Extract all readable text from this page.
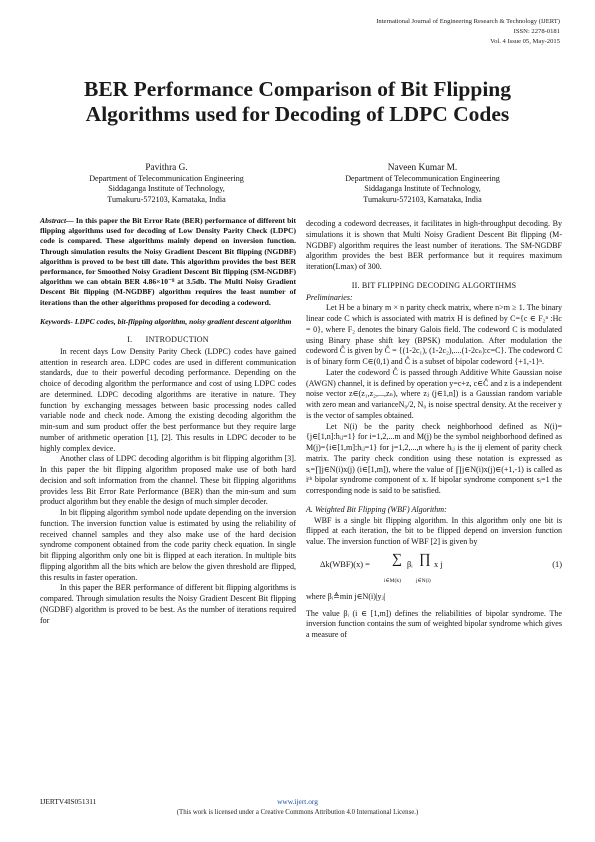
International Journal of Engineering Research & Technology (IJERT)
ISSN: 2278-0181
Vol. 4 Issue 05, May-2015
BER Performance Comparison of Bit Flipping
Algorithms used for Decoding of LDPC Codes
Pavithra G.
Department of Telecommunication Engineering
Siddaganga Institute of Technology,
Tumakuru-572103, Karnataka, India
Naveen Kumar M.
Department of Telecommunication Engineering
Siddaganga Institute of Technology,
Tumakuru-572103, Karnataka, India

Abstract— In this paper the Bit Error Rate (BER) performance of different bit flipping algorithms used for decoding of Low Density Parity Check (LDPC) code is compared. These algorithms mainly depend on inversion function. Through simulation results the Noisy Gradient Descent Bit flipping (NGDBF) algorithm is proved to be best till date. This algorithm provides the best BER performance, for Smoothed Noisy Gradient Descent Bit flipping (SM-NGDBF) algorithm we can obtain BER 4.86×10⁻⁸ at 3.5db. The Multi Noisy Gradient Descent Bit flipping (M-NGDBF) algorithm requires the least number of iterations than the other algorithms proposed for decoding a codeword.

Keywords- LDPC codes, bit-flipping algorithm, noisy gradient descent algorithm

I. INTRODUCTION

In recent days Low Density Parity Check (LDPC) codes have gained attention in research area. LDPC codes are used in different communication standards, due to their powerful decoding performance. Depending on the choice of decoding algorithm the performance and cost of using LDPC codes are determined. LDPC decoding algorithms are iterative in nature. They function by exchanging messages between basic processing nodes called variable node and check node. Among the existing decoding algorithm the min-sum and sum product offer the best performance but they require large number of arithmetic operation [1], [2]. This results in LDPC decoder to be highly complex device.

Another class of LDPC decoding algorithm is bit flipping algorithm [3]. In this paper the bit flipping algorithm proposed make use of both hard decision and soft information from the channel. These bit flipping algorithms provides less Bit Error Rate Performance (BER) than the min-sum and sum product algorithm but they enable the design of much simpler decoder.

In bit flipping algorithm symbol node update depending on the inversion function. The inversion function value is estimated by using the reliability of received channel samples and they also make use of the hard decision syndrome component obtained from the code parity check equation. In single bit flipping algorithm only one bit is flipped at each iteration. In multiple bits flipping algorithm all the bits which are below the given threshold are flipped, this results in faster operation.

In this paper the BER performance of different bit flipping algorithms is compared. Through simulation results the Noisy Gradient Descent Bit flipping (NGDBF) algorithm is proved to be best. As the number of iterations required for

decoding a codeword decreases, it facilitates in high-throughput decoding. By simulations it is shown that Multi Noisy Gradient Descent Bit flipping (M-NGDBF) algorithm requires the least number of iterations. The SM-NGDBF algorithm provides the best BER performance but it requires maximum iteration(Lmax) of 300.

II. BIT FLIPPING DECODING ALGORTIHMS

Preliminaries:

Let H be a binary m × n parity check matrix, where n>m ≥ 1. The binary linear code C which is associated with matrix H is defined by C={c ∈ F₂ⁿ :Hc = 0}, where F₂ denotes the binary Galois field. The codeword C is modulated using Binary phase shift key (BPSK) modulation. After modulation the codeword Ĉ is given by Ĉ = {(1-2c₁), (1-2c₂),....(1-2cₙ):c=C}. The codeword C is of binary form C∈(0,1) and Ĉ is a subset of bipolar codeword {+1,-1}ⁿ.

Later the codeword Ĉ is passed through Additive White Gaussian noise (AWGN) channel, it is defined by operation y=c+z, c∈Ĉ and z is a independent noise vector z∈(z₁,z₂,...,zₙ), where zⱼ (j∈1,n]) is a Gaussian random variable with zero mean and varianceN₀/2, N₀ is noise spectral density. At the receiver y is the vector of samples obtained.

Let N(i) be the parity check neighborhood defined as N(i)={j∈[1,n]:hᵢⱼ=1} for i=1,2,...m and M(j) be the symbol neighborhood defined as M(j)={i∈[1,m]:hᵢⱼ=1} for j=1,2,...,n where hᵢⱼ is the ij element of parity check matrix. The parity check condition using these notation is expressed as sᵢ=∏j∈N(i)x(j) (i∈[1,m]), where the value of ∏j∈N(i)x(j)∈(+1,-1) is called as iᵗʰ bipolar syndrome component of x. If bipolar syndrome component sᵢ=1 the corresponding node is said to be satisfied.

A. Weighted Bit Flipping (WBF) Algorithm:

WBF is a single bit flipping algorithm. In this algorithm only one bit is flipped at each iteration, the bit to be flipped depend on inversion function value. The inversion function of WBF [2] is given by

Δk(WBF)(x) = ∑ βᵢ ∏ x j
i∈M(k)	j∈N(i)
(1)

where βᵢ≜min j∈N(i)|yⱼ|

The value βᵢ (i ∈ [1,m]) defines the reliabilities of bipolar syndrome. The inversion function contains the sum of weighted bipolar syndrome which gives a measure of

IJERTV4IS051311	www.ijert.org
(This work is licensed under a Creative Commons Attribution 4.0 International License.)
